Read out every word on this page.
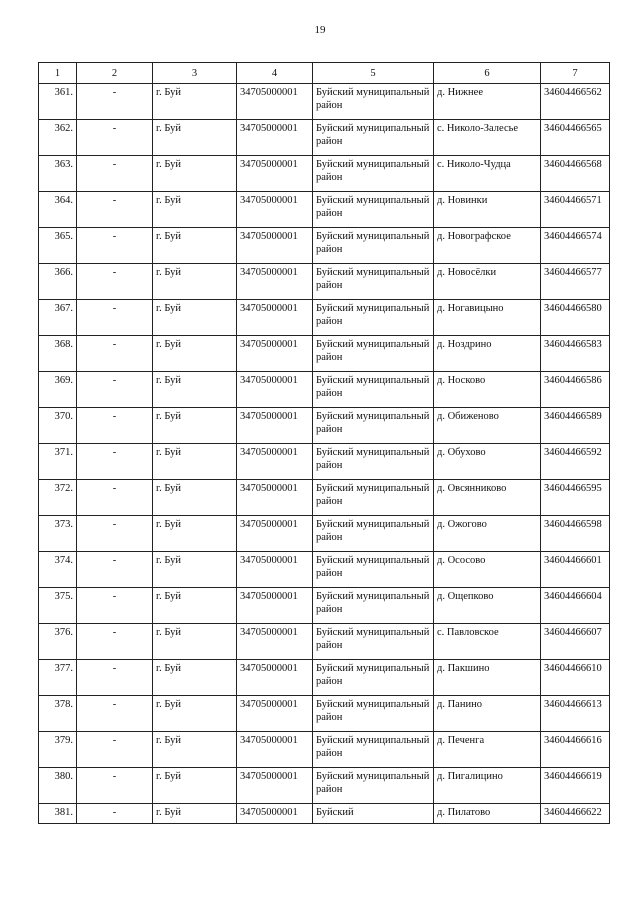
19
1	2	3	4	5	6	7
361.	-	г. Буй	34705000001	Буйский муниципальный район	д. Нижнее	34604466562
362.	-	г. Буй	34705000001	Буйский муниципальный район	с. Николо-Залесье	34604466565
363.	-	г. Буй	34705000001	Буйский муниципальный район	с. Николо-Чудца	34604466568
364.	-	г. Буй	34705000001	Буйский муниципальный район	д. Новинки	34604466571
365.	-	г. Буй	34705000001	Буйский муниципальный район	д. Новографское	34604466574
366.	-	г. Буй	34705000001	Буйский муниципальный район	д. Новосёлки	34604466577
367.	-	г. Буй	34705000001	Буйский муниципальный район	д. Ногавицыно	34604466580
368.	-	г. Буй	34705000001	Буйский муниципальный район	д. Ноздрино	34604466583
369.	-	г. Буй	34705000001	Буйский муниципальный район	д. Носково	34604466586
370.	-	г. Буй	34705000001	Буйский муниципальный район	д. Обиженово	34604466589
371.	-	г. Буй	34705000001	Буйский муниципальный район	д. Обухово	34604466592
372.	-	г. Буй	34705000001	Буйский муниципальный район	д. Овсянниково	34604466595
373.	-	г. Буй	34705000001	Буйский муниципальный район	д. Ожогово	34604466598
374.	-	г. Буй	34705000001	Буйский муниципальный район	д. Ососово	34604466601
375.	-	г. Буй	34705000001	Буйский муниципальный район	д. Ощепково	34604466604
376.	-	г. Буй	34705000001	Буйский муниципальный район	с. Павловское	34604466607
377.	-	г. Буй	34705000001	Буйский муниципальный район	д. Пакшино	34604466610
378.	-	г. Буй	34705000001	Буйский муниципальный район	д. Панино	34604466613
379.	-	г. Буй	34705000001	Буйский муниципальный район	д. Печенга	34604466616
380.	-	г. Буй	34705000001	Буйский муниципальный район	д. Пигалицино	34604466619
381.	-	г. Буй	34705000001	Буйский	д. Пилатово	34604466622
